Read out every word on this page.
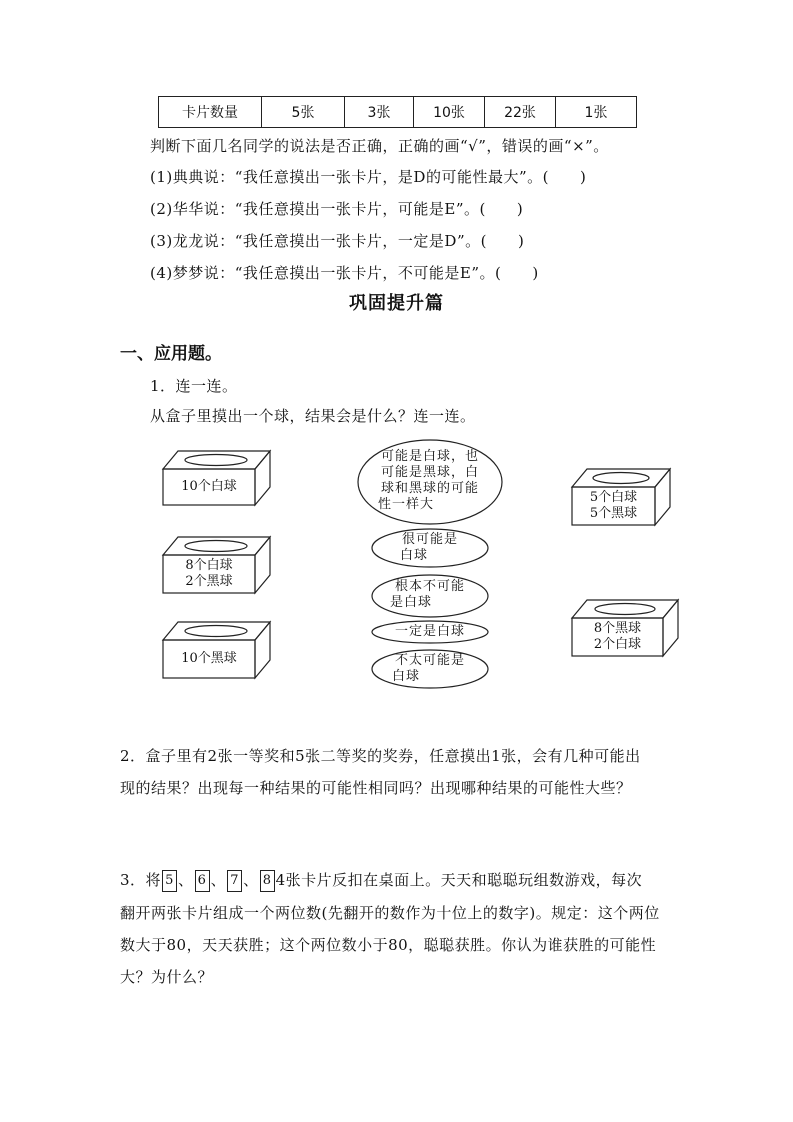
卡片数量	5张	3张	10张	22张	1张
判断下面几名同学的说法是否正确，正确的画“√”，错误的画“×”。
(1)典典说：“我任意摸出一张卡片，是D的可能性最大”。(　　)
(2)华华说：“我任意摸出一张卡片，可能是E”。(　　)
(3)龙龙说：“我任意摸出一张卡片，一定是D”。(　　)
(4)梦梦说：“我任意摸出一张卡片，不可能是E”。(　　)
巩固提升篇
一、应用题。
1．连一连。
从盒子里摸出一个球，结果会是什么？连一连。
10个白球
8个白球
2个黑球
10个黑球
5个白球
5个黑球
8个黑球
2个白球
可能是白球，也
可能是黑球，白
球和黑球的可能
性一样大
很可能是
白球
根本不可能
是白球
一定是白球
不太可能是
白球
2．盒子里有2张一等奖和5张二等奖的奖券，任意摸出1张，会有几种可能出
现的结果？出现每一种结果的可能性相同吗？出现哪种结果的可能性大些？
3．将 5 、 6 、 7 、 8 4张卡片反扣在桌面上。天天和聪聪玩组数游戏，每次
翻开两张卡片组成一个两位数(先翻开的数作为十位上的数字)。规定：这个两位
数大于80，天天获胜；这个两位数小于80，聪聪获胜。你认为谁获胜的可能性
大？为什么？
